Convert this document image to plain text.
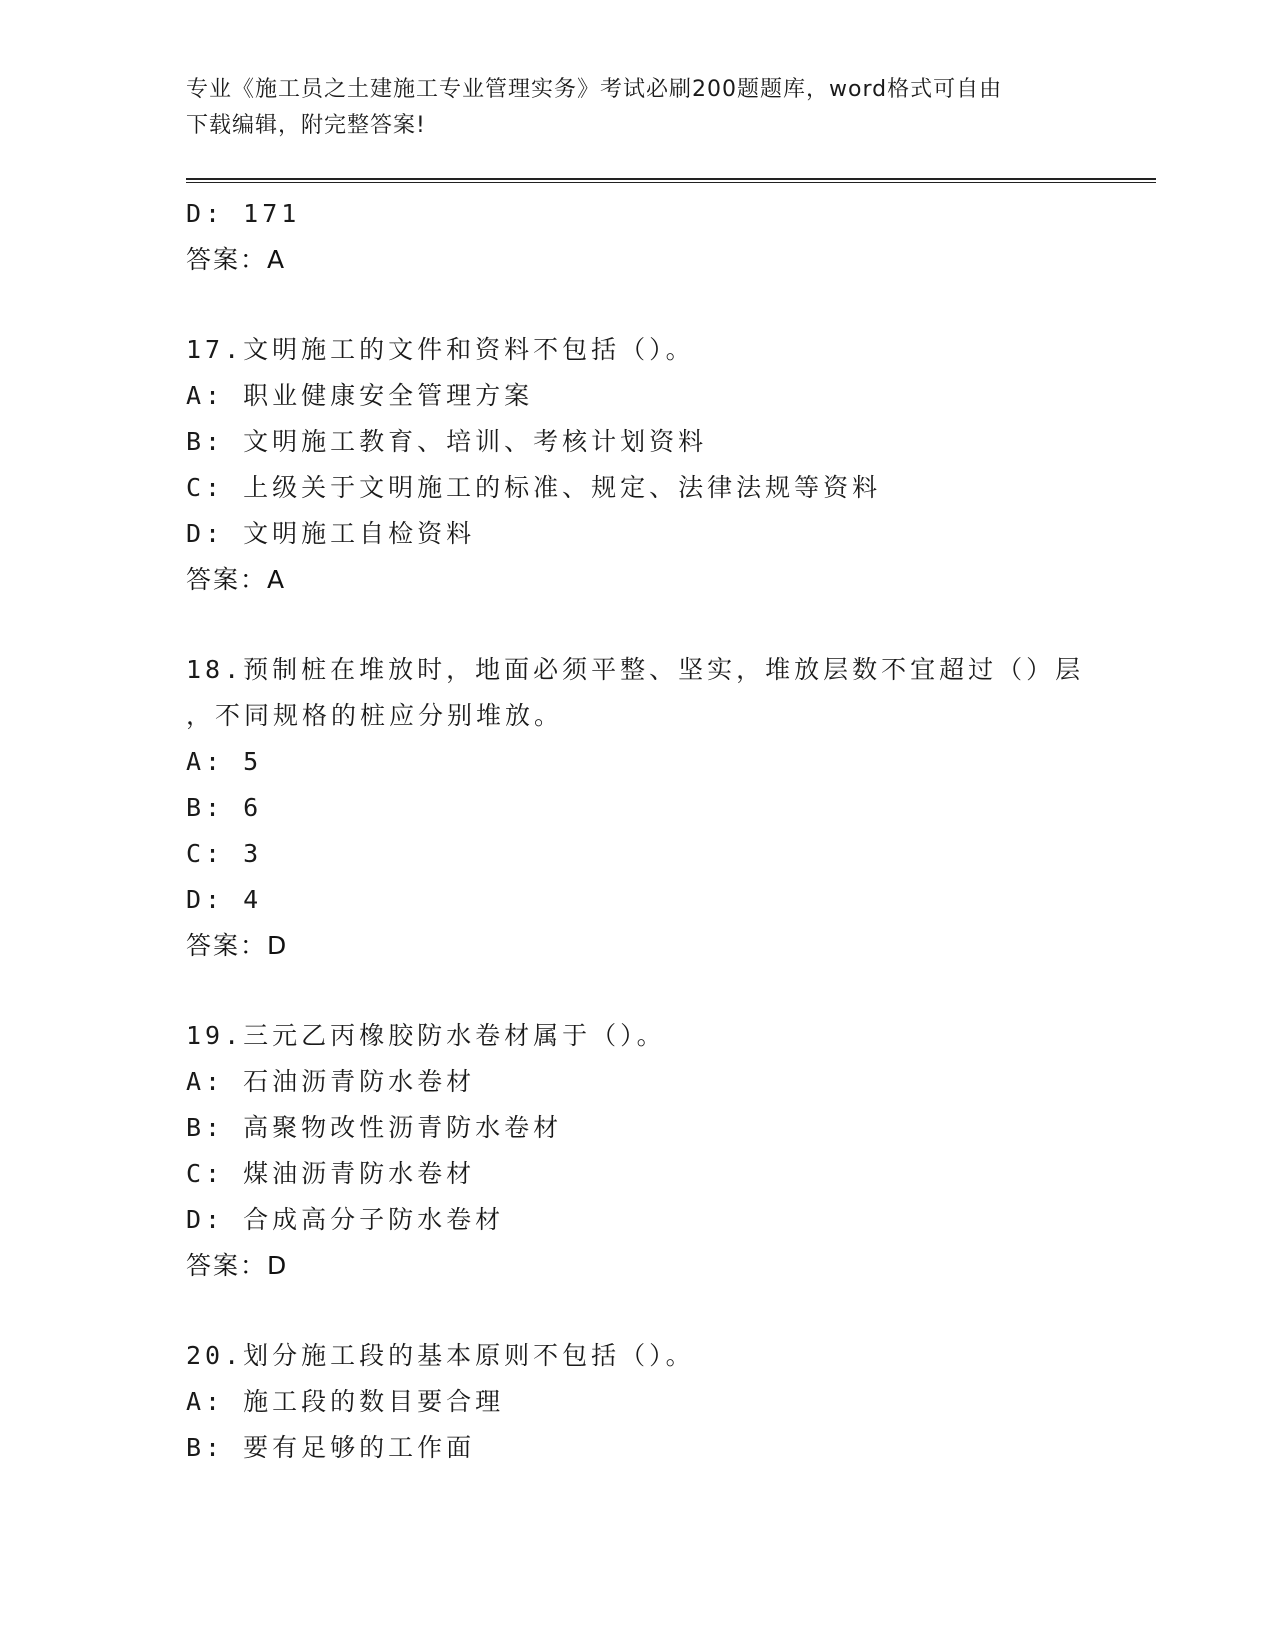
专业《施工员之土建施工专业管理实务》考试必刷200题题库，word格式可自由
下载编辑，附完整答案!
D: 171
答案：A
17.文明施工的文件和资料不包括（）。
A: 职业健康安全管理方案
B: 文明施工教育、培训、考核计划资料
C: 上级关于文明施工的标准、规定、法律法规等资料
D: 文明施工自检资料
答案：A
18.预制桩在堆放时，地面必须平整、坚实，堆放层数不宜超过（）层
，不同规格的桩应分别堆放。
A: 5
B: 6
C: 3
D: 4
答案：D
19.三元乙丙橡胶防水卷材属于（）。
A: 石油沥青防水卷材
B: 高聚物改性沥青防水卷材
C: 煤油沥青防水卷材
D: 合成高分子防水卷材
答案：D
20.划分施工段的基本原则不包括（）。
A: 施工段的数目要合理
B: 要有足够的工作面
